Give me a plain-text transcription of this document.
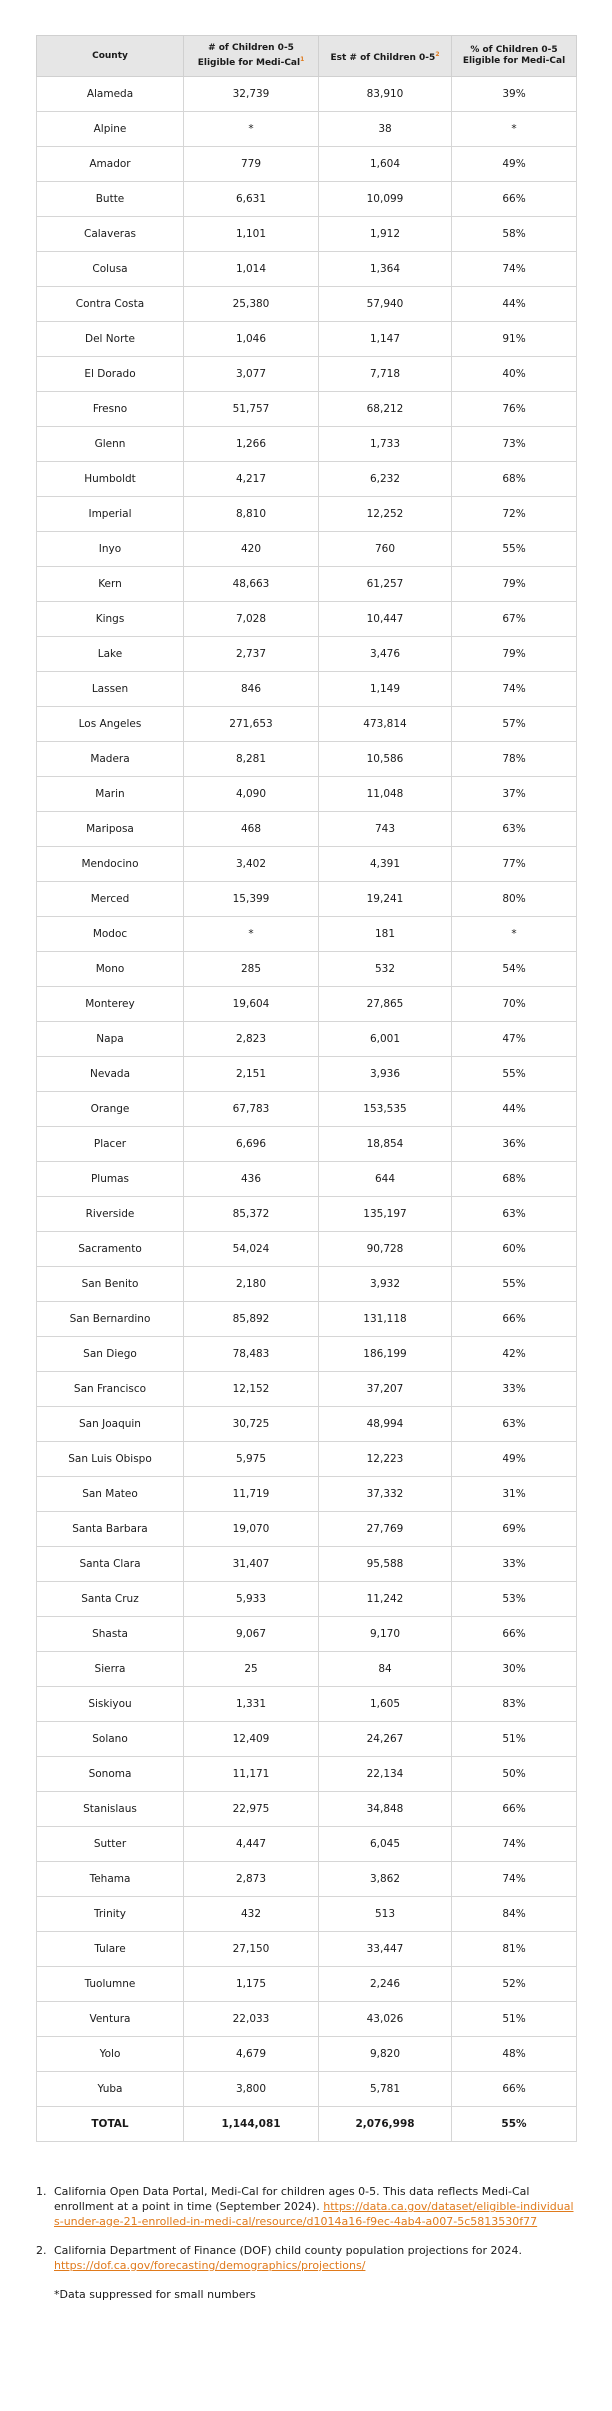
County	# of Children 0-5 Eligible for Medi-Cal$^1$	Est # of Children $0-5^2$	% of Children 0-5 Eligible for Medi-Cal
Alameda	32,739	83,910	39%
Alpine	*	38	*
Amador	779	1,604	49%
Butte	6,631	10,099	66%
Calaveras	1,101	1,912	58%
Colusa	1,014	1,364	74%
Contra Costa	25,380	57,940	44%
Del Norte	1,046	1,147	91%
El Dorado	3,077	7,718	40%
Fresno	51,757	68,212	76%
Glenn	1,266	1,733	73%
Humboldt	4,217	6,232	68%
Imperial	8,810	12,252	72%
Inyo	420	760	55%
Kern	48,663	61,257	79%
Kings	7,028	10,447	67%
Lake	2,737	3,476	79%
Lassen	846	1,149	74%
Los Angeles	271,653	473,814	57%
Madera	8,281	10,586	78%
Marin	4,090	11,048	37%
Mariposa	468	743	63%
Mendocino	3,402	4,391	77%
Merced	15,399	19,241	80%
Modoc	*	181	*
Mono	285	532	54%
Monterey	19,604	27,865	70%
Napa	2,823	6,001	47%
Nevada	2,151	3,936	55%
Orange	67,783	153,535	44%
Placer	6,696	18,854	36%
Plumas	436	644	68%
Riverside	85,372	135,197	63%
Sacramento	54,024	90,728	60%
San Benito	2,180	3,932	55%
San Bernardino	85,892	131,118	66%
San Diego	78,483	186,199	42%
San Francisco	12,152	37,207	33%
San Joaquin	30,725	48,994	63%
San Luis Obispo	5,975	12,223	49%
San Mateo	11,719	37,332	31%
Santa Barbara	19,070	27,769	69%
Santa Clara	31,407	95,588	33%
Santa Cruz	5,933	11,242	53%
Shasta	9,067	9,170	66%
Sierra	25	84	30%
Siskiyou	1,331	1,605	83%
Solano	12,409	24,267	51%
Sonoma	11,171	22,134	50%
Stanislaus	22,975	34,848	66%
Sutter	4,447	6,045	74%
Tehama	2,873	3,862	74%
Trinity	432	513	84%
Tulare	27,150	33,447	81%
Tuolumne	1,175	2,246	52%
Ventura	22,033	43,026	51%
Yolo	4,679	9,820	48%
Yuba	3,800	5,781	66%
TOTAL	1,144,081	2,076,998	55%
1. California Open Data Portal, Medi-Cal for children ages 0-5. This data reflects Medi-Cal enrollment at a point in time (September 2024). https://data.ca.gov/dataset/eligible-individuals-under-age-21-enrolled-in-medi-cal/resource/d1014a16-f9ec-4ab4-a007-5c5813530f77
2. California Department of Finance (DOF) child county population projections for 2024.
https://dof.ca.gov/forecasting/demographics/projections/
*Data suppressed for small numbers
